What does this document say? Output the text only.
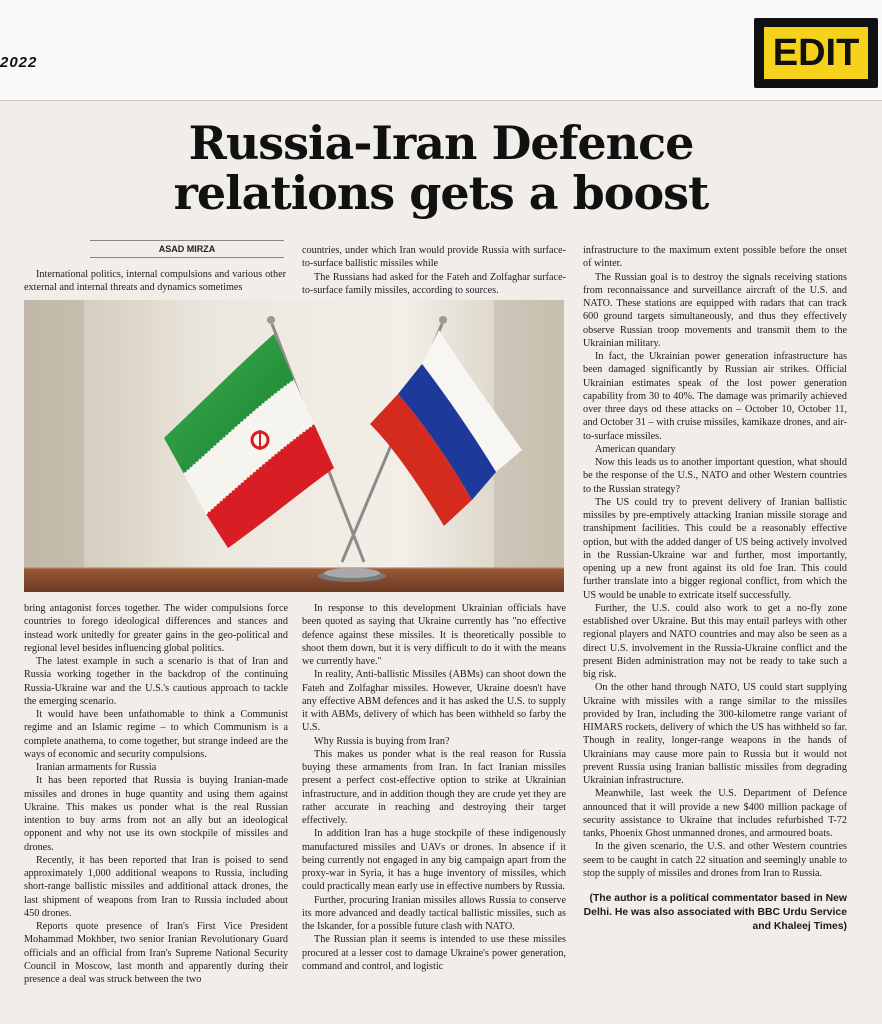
2022	EDIT
Russia-Iran Defence relations gets a boost
ASAD MIRZA

International politics, internal compulsions and various other external and internal threats and dynamics sometimes

countries, under which Iran would provide Russia with surface-to-surface ballistic missiles while

The Russians had asked for the Fateh and Zolfaghar surface-to-surface family missiles, according to sources.

bring antagonist forces together. The wider compulsions force countries to forego ideological differences and stances and instead work unitedly for greater gains in the geo-political and regional level besides influencing global politics.

The latest example in such a scenario is that of Iran and Russia working together in the backdrop of the continuing Russia-Ukraine war and the U.S.'s cautious approach to tackle the emerging scenario.

It would have been unfathomable to think a Communist regime and an Islamic regime – to which Communism is a complete anathema, to come together, but strange indeed are the ways of economic and security compulsions.

Iranian armaments for Russia

It has been reported that Russia is buying Iranian-made missiles and drones in huge quantity and using them against Ukraine. This makes us ponder what is the real Russian intention to buy arms from not an ally but an ideological opponent and why not use its own stockpile of missiles and drones.

Recently, it has been reported that Iran is poised to send approximately 1,000 additional weapons to Russia, including short-range ballistic missiles and additional attack drones, the last shipment of weapons from Iran to Russia included about 450 drones.

Reports quote presence of Iran's First Vice President Mohammad Mokhber, two senior Iranian Revolutionary Guard officials and an official from Iran's Supreme National Security Council in Moscow, last month and apparently during their presence a deal was struck between the two

In response to this development Ukrainian officials have been quoted as saying that Ukraine currently has "no effective defence against these missiles. It is theoretically possible to shoot them down, but it is very difficult to do it with the means we currently have."

In reality, Anti-ballistic Missiles (ABMs) can shoot down the Fateh and Zolfaghar missiles. However, Ukraine doesn't have any effective ABM defences and it has asked the U.S. to supply it with ABMs, delivery of which has been withheld so farby the U.S.

Why Russia is buying from Iran?

This makes us ponder what is the real reason for Russia buying these armaments from Iran. In fact Iranian missiles present a perfect cost-effective option to strike at Ukrainian infrastructure, and in addition though they are crude yet they are rather accurate in reaching and destroying their target effectively.

In addition Iran has a huge stockpile of these indigenously manufactured missiles and UAVs or drones. In absence if it being currently not engaged in any big campaign apart from the proxy-war in Syria, it has a huge inventory of missiles, which could practically mean early use in effective numbers by Russia.

Further, procuring Iranian missiles allows Russia to conserve its more advanced and deadly tactical ballistic missiles, such as the Iskander, for a possible future clash with NATO.

The Russian plan it seems is intended to use these missiles procured at a lesser cost to damage Ukraine's power generation, command and control, and logistic

infrastructure to the maximum extent possible before the onset of winter.

The Russian goal is to destroy the signals receiving stations from reconnaissance and surveillance aircraft of the U.S. and NATO. These stations are equipped with radars that can track 600 ground targets simultaneously, and thus they effectively observe Russian troop movements and transmit them to the Ukrainian military.

In fact, the Ukrainian power generation infrastructure has been damaged significantly by Russian air strikes. Official Ukrainian estimates speak of the lost power generation capability from 30 to 40%. The damage was primarily achieved over three days od these attacks on – October 10, October 11, and October 31 – with cruise missiles, kamikaze drones, and air-to-surface missiles.

American quandary

Now this leads us to another important question, what should be the response of the U.S., NATO and other Western countries to the Russian strategy?

The US could try to prevent delivery of Iranian ballistic missiles by pre-emptively attacking Iranian missile storage and transhipment facilities. This could be a reasonably effective option, but with the added danger of US being actively involved in the Russian-Ukraine war and further, most importantly, opening up a new front against its old foe Iran. This could further translate into a bigger regional conflict, from which the US would be unable to extricate itself successfully.

Further, the U.S. could also work to get a no-fly zone established over Ukraine. But this may entail parleys with other regional players and NATO countries and may also be seen as a direct U.S. involvement in the Russia-Ukraine conflict and the present Biden administration may not be ready to take such a big risk.

On the other hand through NATO, US could start supplying Ukraine with missiles with a range similar to the missiles provided by Iran, including the 300-kilometre range variant of HIMARS rockets, delivery of which the US has withheld so far. Though in reality, longer-range weapons in the hands of Ukrainians may cause more pain to Russia but it would not prevent Russia using Iranian ballistic missiles from degrading Ukrainian infrastructure.

Meanwhile, last week the U.S. Department of Defence announced that it will provide a new $400 million package of security assistance to Ukraine that includes refurbished T-72 tanks, Phoenix Ghost unmanned drones, and armoured boats.

In the given scenario, the U.S. and other Western countries seem to be caught in catch 22 situation and seemingly unable to stop the supply of missiles and drones from Iran to Russia.

(The author is a political commentator based in New Delhi. He was also associated with BBC Urdu Service and Khaleej Times)
